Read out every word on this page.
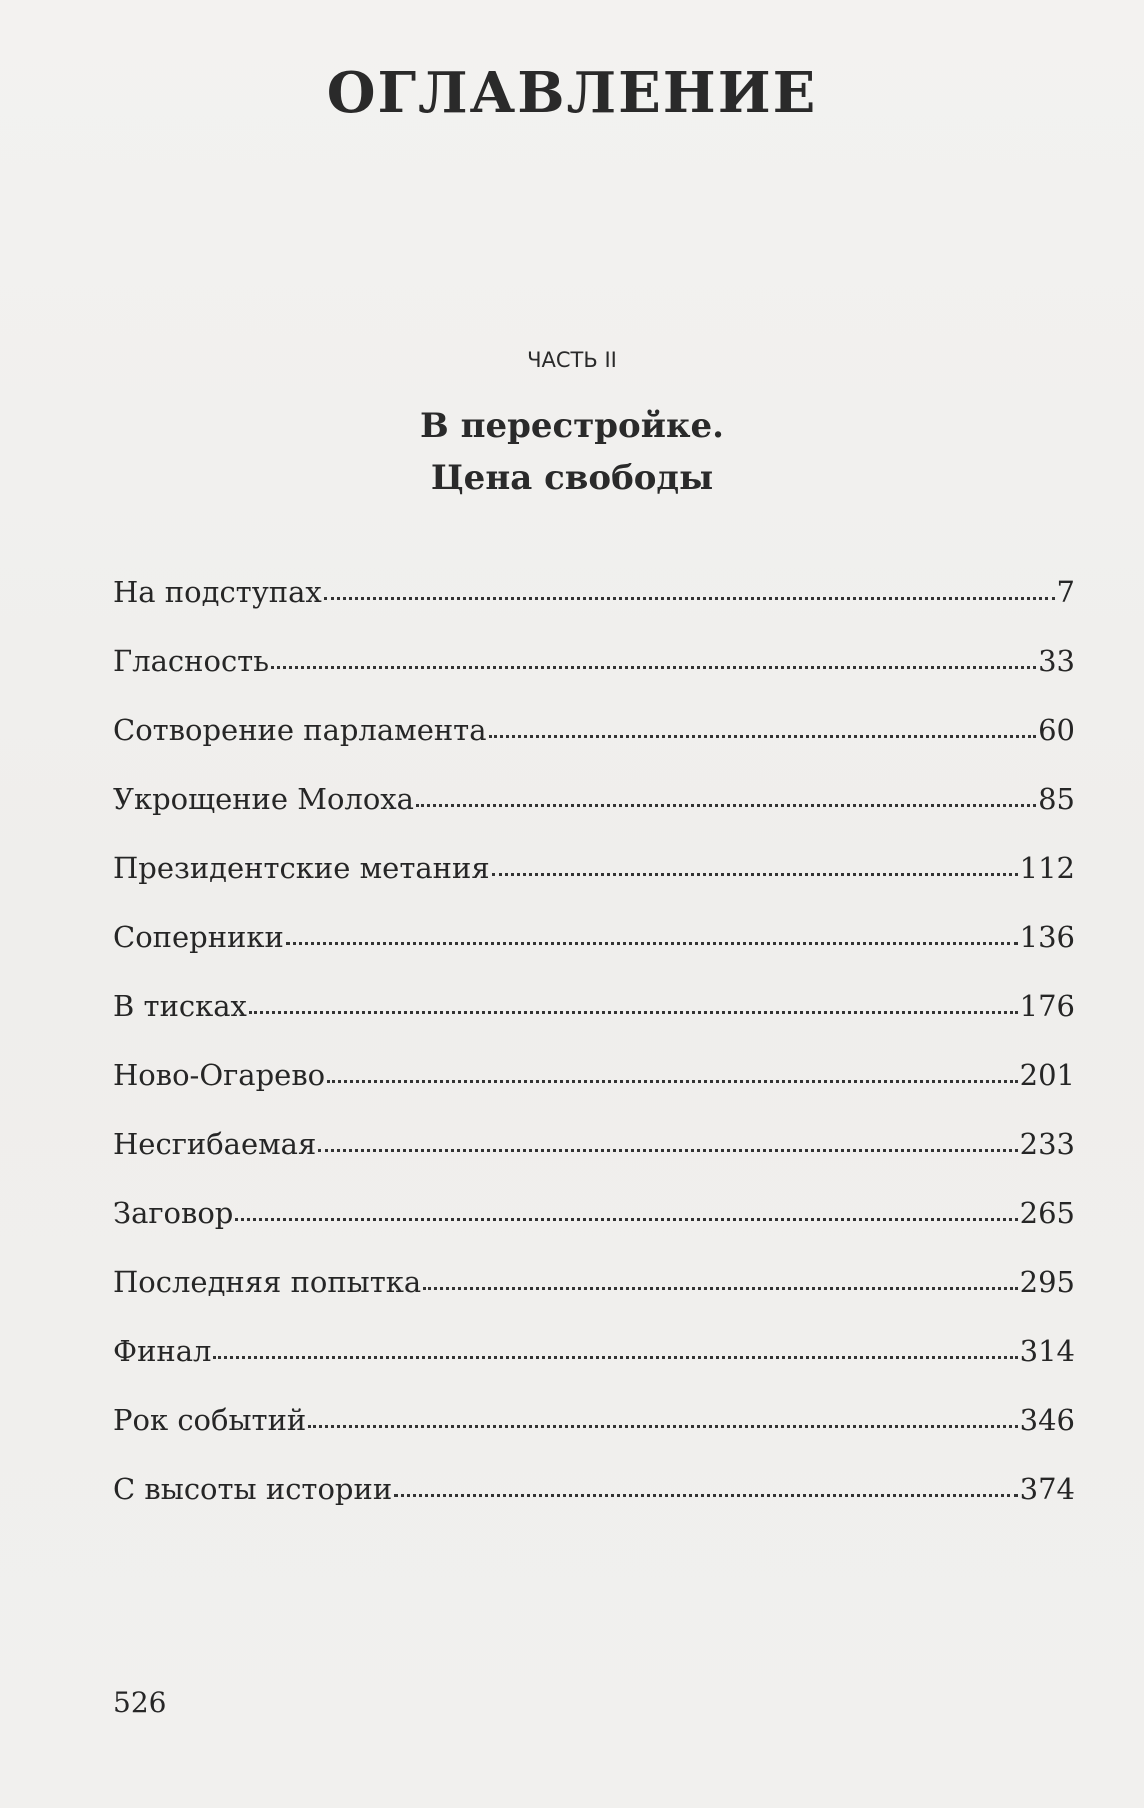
ОГЛАВЛЕНИЕ
ЧАСТЬ II
В перестройке.
Цена свободы
На подступах	7
Гласность	33
Сотворение парламента	60
Укрощение Молоха	85
Президентские метания	112
Соперники	136
В тисках	176
Ново-Огарево	201
Несгибаемая	233
Заговор	265
Последняя попытка	295
Финал	314
Рок событий	346
С высоты истории	374
526
